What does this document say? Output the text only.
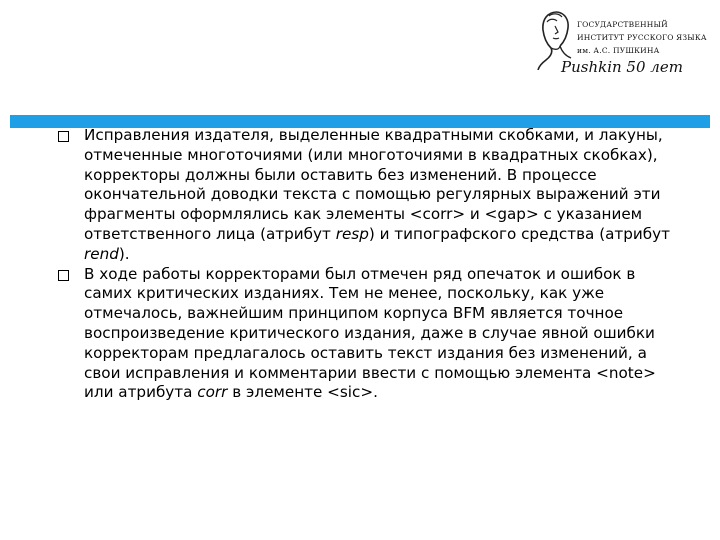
ГОСУДАРСТВЕННЫЙ
ИНСТИТУТ РУССКОГО ЯЗЫКА
им. А.С. ПУШКИНА
Pushkin 50 лет
Исправления издателя, выделенные квадратными скобками, и лакуны, отмеченные многоточиями (или многоточиями в квадратных скобках), корректоры должны были оставить без изменений. В процессе окончательной доводки текста с помощью регулярных выражений эти фрагменты оформлялись как элементы <corr> и <gap> с указанием ответственного лица (атрибут resp) и типографского средства (атрибут rend).
В ходе работы корректорами был отмечен ряд опечаток и ошибок в самих критических изданиях. Тем не менее, поскольку, как уже отмечалось, важнейшим принципом корпуса BFM является точное воспроизведение критического издания, даже в случае явной ошибки корректорам предлагалось оставить текст издания без изменений, а свои исправления и комментарии ввести с помощью элемента <note> или атрибута corr в элементе <sic>.
